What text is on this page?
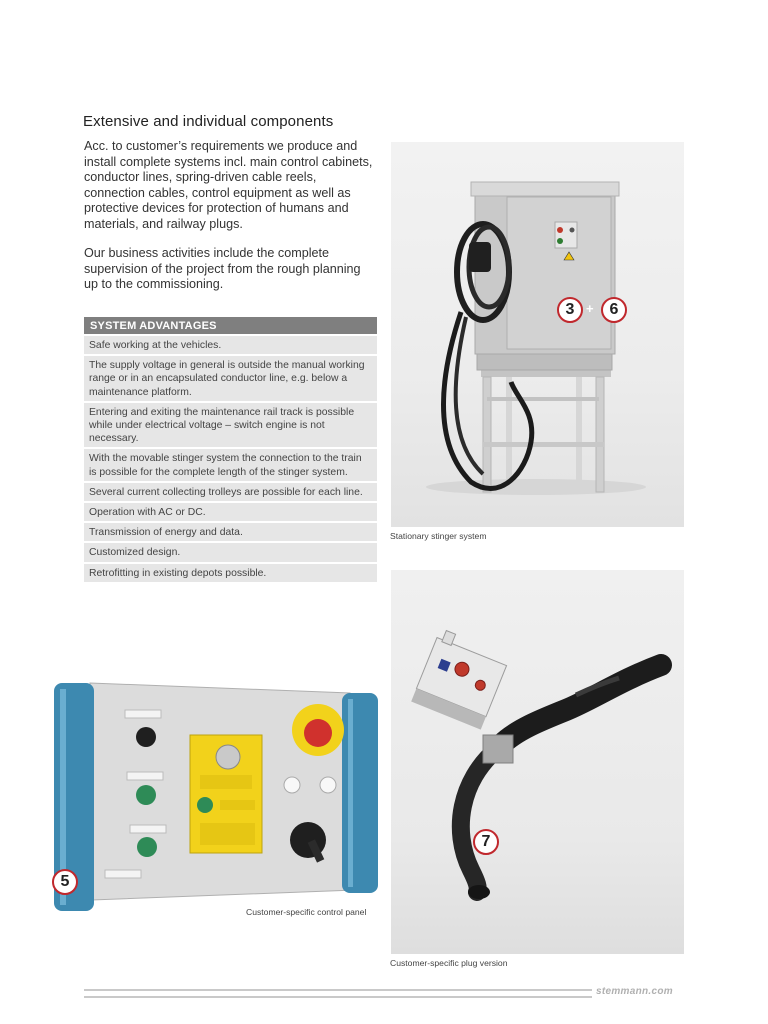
Extensive and individual components

Acc. to customer’s requirements we produce and install complete systems incl. main control cabinets, conductor lines, spring-driven cable reels, connection cables, control equipment as well as protective devices for protection of humans and materials, and railway plugs.

Our business activities include the complete supervision of the project from the rough planning up to the commissioning.

SYSTEM ADVANTAGES
Safe working at the vehicles.
The supply voltage in general is outside the manual working range or in an encapsulated conductor line, e.g. below a maintenance platform.
Entering and exiting the maintenance rail track is possible while under electrical voltage – switch engine is not necessary.
With the movable stinger system the connection to the train is possible for the complete length of the stinger system.
Several current collecting trolleys are possible for each line.
Operation with AC or DC.
Transmission of energy and data.
Customized design.
Retrofitting in existing depots possible.
3 + 6
Stationary stinger system
7
Customer-specific plug version
5
Customer-specific control panel
stemmann.com
